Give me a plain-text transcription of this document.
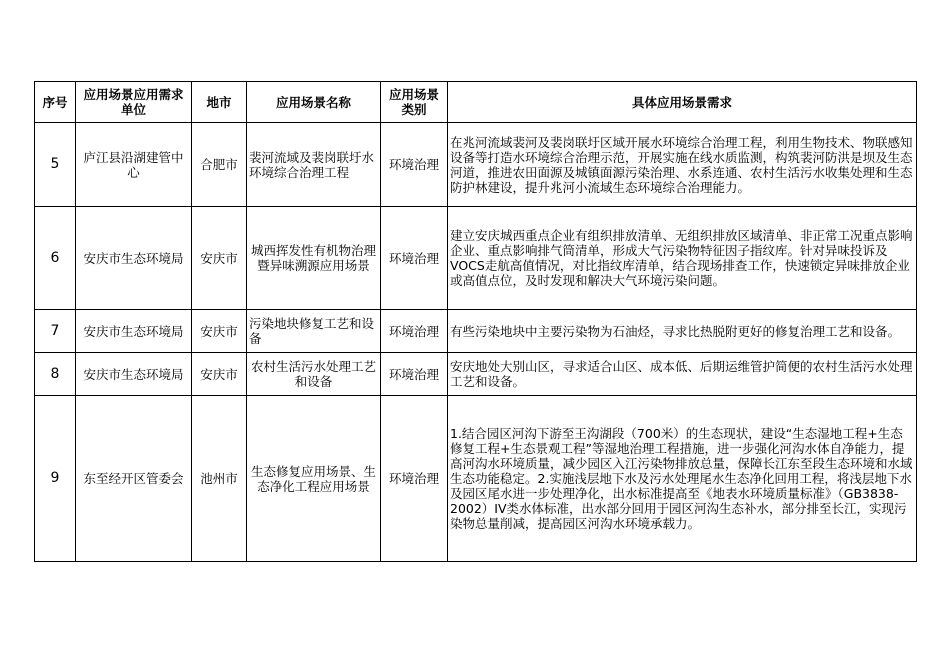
序号	应用场景应用需求单位	地市	应用场景名称	应用场景类别	具体应用场景需求
5	庐江县沿湖建管中心	合肥市	裴河流域及裴岗联圩水环境综合治理工程	环境治理	在兆河流域裴河及裴岗联圩区域开展水环境综合治理工程，利用生物技术、物联感知设备等打造水环境综合治理示范，开展实施在线水质监测，构筑裴河防洪是坝及生态河道，推进农田面源及城镇面源污染治理、水系连通、农村生活污水收集处理和生态防护林建设，提升兆河小流域生态环境综合治理能力。
6	安庆市生态环境局	安庆市	城西挥发性有机物治理暨异味溯源应用场景	环境治理	建立安庆城西重点企业有组织排放清单、无组织排放区域清单、非正常工况重点影响企业、重点影响排气筒清单，形成大气污染物特征因子指纹库。针对异味投诉及VOCS走航高值情况，对比指纹库清单，结合现场排查工作，快速锁定异味排放企业或高值点位，及时发现和解决大气环境污染问题。
7	安庆市生态环境局	安庆市	污染地块修复工艺和设备	环境治理	有些污染地块中主要污染物为石油烃，寻求比热脱附更好的修复治理工艺和设备。
8	安庆市生态环境局	安庆市	农村生活污水处理工艺和设备	环境治理	安庆地处大别山区，寻求适合山区、成本低、后期运维管护简便的农村生活污水处理工艺和设备。
9	东至经开区管委会	池州市	生态修复应用场景、生态净化工程应用场景	环境治理	1.结合园区河沟下游至王沟湖段（700米）的生态现状，建设“生态湿地工程+生态修复工程+生态景观工程”等湿地治理工程措施，进一步强化河沟水体自净能力，提高河沟水环境质量，减少园区入江污染物排放总量，保障长江东至段生态环境和水域生态功能稳定。2.实施浅层地下水及污水处理尾水生态净化回用工程，将浅层地下水及园区尾水进一步处理净化，出水标准提高至《地表水环境质量标准》（GB3838-2002）IV类水体标准，出水部分回用于园区河沟生态补水，部分排至长江，实现污染物总量削减，提高园区河沟水环境承载力。
